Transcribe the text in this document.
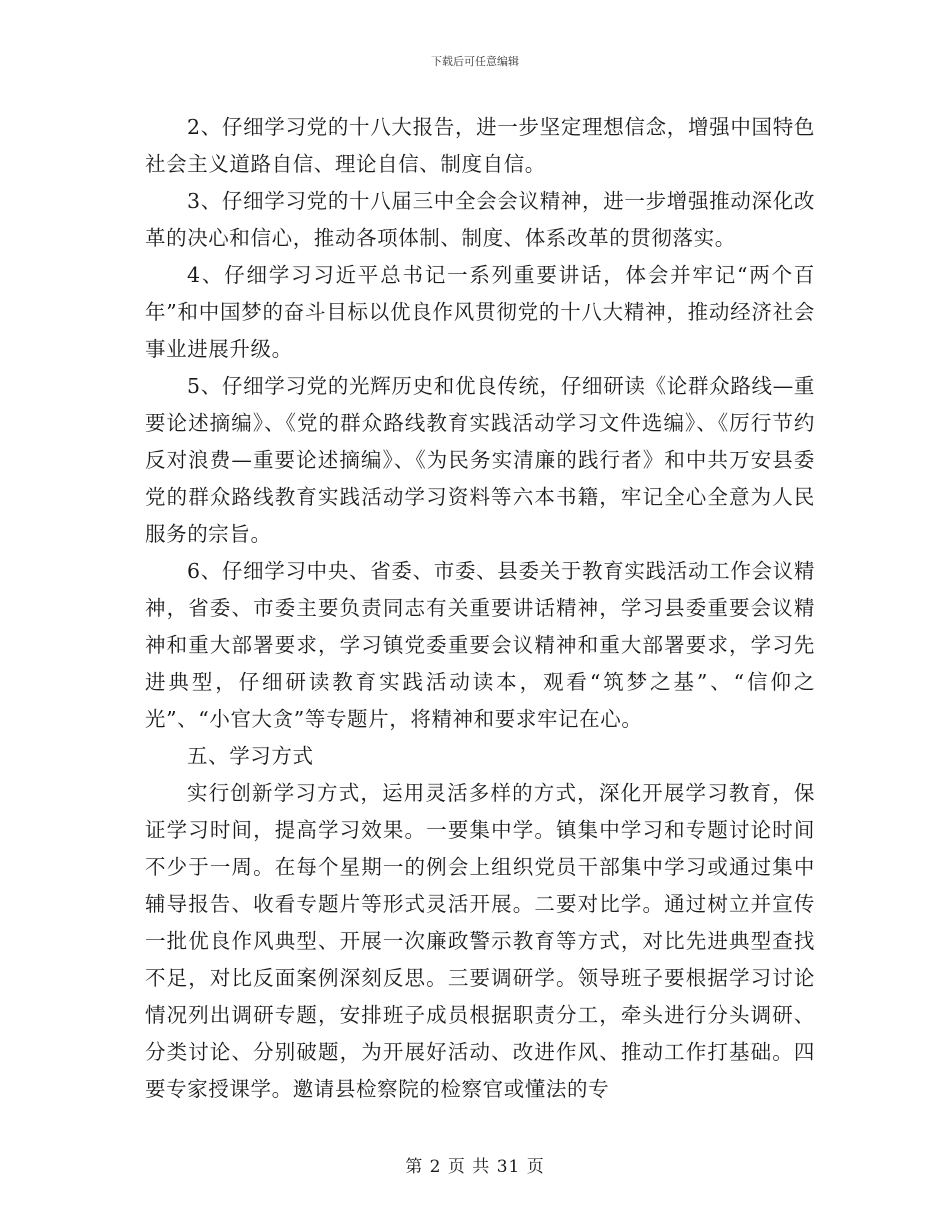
下载后可任意编辑

2、仔细学习党的十八大报告，进一步坚定理想信念，增强中国特色社会主义道路自信、理论自信、制度自信。

3、仔细学习党的十八届三中全会会议精神，进一步增强推动深化改革的决心和信心，推动各项体制、制度、体系改革的贯彻落实。

4、仔细学习习近平总书记一系列重要讲话，体会并牢记“两个百年”和中国梦的奋斗目标以优良作风贯彻党的十八大精神，推动经济社会事业进展升级。

5、仔细学习党的光辉历史和优良传统，仔细研读《论群众路线—重要论述摘编》、《党的群众路线教育实践活动学习文件选编》、《厉行节约反对浪费—重要论述摘编》、《为民务实清廉的践行者》和中共万安县委党的群众路线教育实践活动学习资料等六本书籍，牢记全心全意为人民服务的宗旨。

6、仔细学习中央、省委、市委、县委关于教育实践活动工作会议精神，省委、市委主要负责同志有关重要讲话精神，学习县委重要会议精神和重大部署要求，学习镇党委重要会议精神和重大部署要求，学习先进典型，仔细研读教育实践活动读本，观看“筑梦之基”、“信仰之光”、“小官大贪”等专题片，将精神和要求牢记在心。

五、学习方式

实行创新学习方式，运用灵活多样的方式，深化开展学习教育，保证学习时间，提高学习效果。一要集中学。镇集中学习和专题讨论时间不少于一周。在每个星期一的例会上组织党员干部集中学习或通过集中辅导报告、收看专题片等形式灵活开展。二要对比学。通过树立并宣传一批优良作风典型、开展一次廉政警示教育等方式，对比先进典型查找不足，对比反面案例深刻反思。三要调研学。领导班子要根据学习讨论情况列出调研专题，安排班子成员根据职责分工，牵头进行分头调研、分类讨论、分别破题，为开展好活动、改进作风、推动工作打基础。四要专家授课学。邀请县检察院的检察官或懂法的专

第 2 页 共 31 页
